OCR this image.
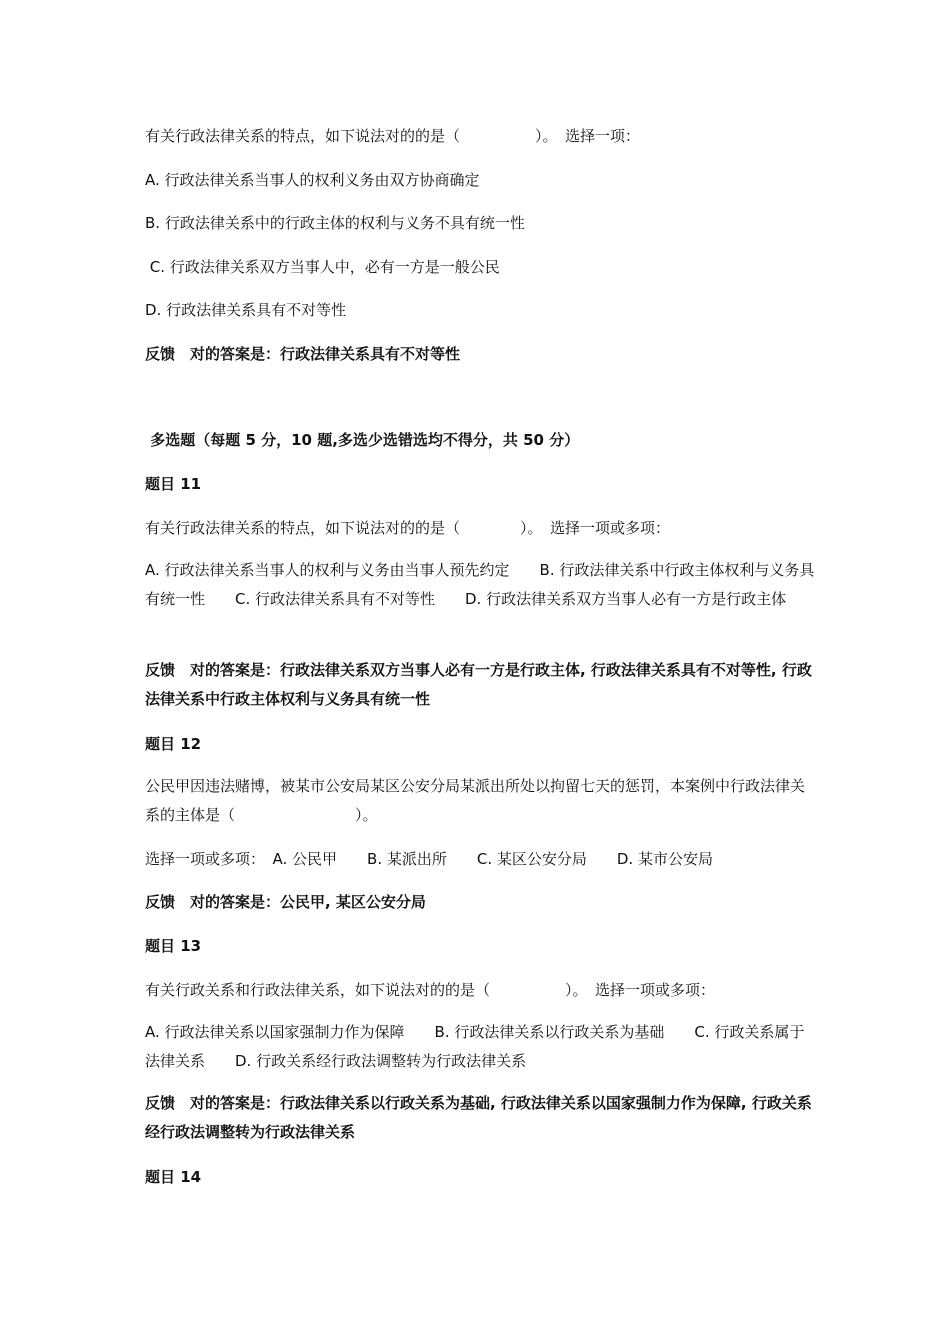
有关行政法律关系的特点，如下说法对的的是（　　　　　）。　选择一项：

A. 行政法律关系当事人的权利义务由双方协商确定

B. 行政法律关系中的行政主体的权利与义务不具有统一性

C. 行政法律关系双方当事人中，必有一方是一般公民

D. 行政法律关系具有不对等性

反馈　对的答案是：行政法律关系具有不对等性

多选题（每题 5 分，10 题,多选少选错选均不得分，共 50 分）

题目 11

有关行政法律关系的特点，如下说法对的的是（　　　　）。　选择一项或多项：

A. 行政法律关系当事人的权利与义务由当事人预先约定　　B. 行政法律关系中行政主体权利与义务具有统一性　　C. 行政法律关系具有不对等性　　D. 行政法律关系双方当事人必有一方是行政主体

反馈　对的答案是：行政法律关系双方当事人必有一方是行政主体, 行政法律关系具有不对等性, 行政法律关系中行政主体权利与义务具有统一性

题目 12

公民甲因违法赌博，被某市公安局某区公安分局某派出所处以拘留七天的惩罚，本案例中行政法律关系的主体是（　　　　　　　　）。

选择一项或多项：　A. 公民甲　　B. 某派出所　　C. 某区公安分局　　D. 某市公安局

反馈　对的答案是：公民甲, 某区公安分局

题目 13

有关行政关系和行政法律关系，如下说法对的的是（　　　　　）。　选择一项或多项：

A. 行政法律关系以国家强制力作为保障　　B. 行政法律关系以行政关系为基础　　C. 行政关系属于法律关系　　D. 行政关系经行政法调整转为行政法律关系

反馈　对的答案是：行政法律关系以行政关系为基础, 行政法律关系以国家强制力作为保障, 行政关系经行政法调整转为行政法律关系

题目 14
